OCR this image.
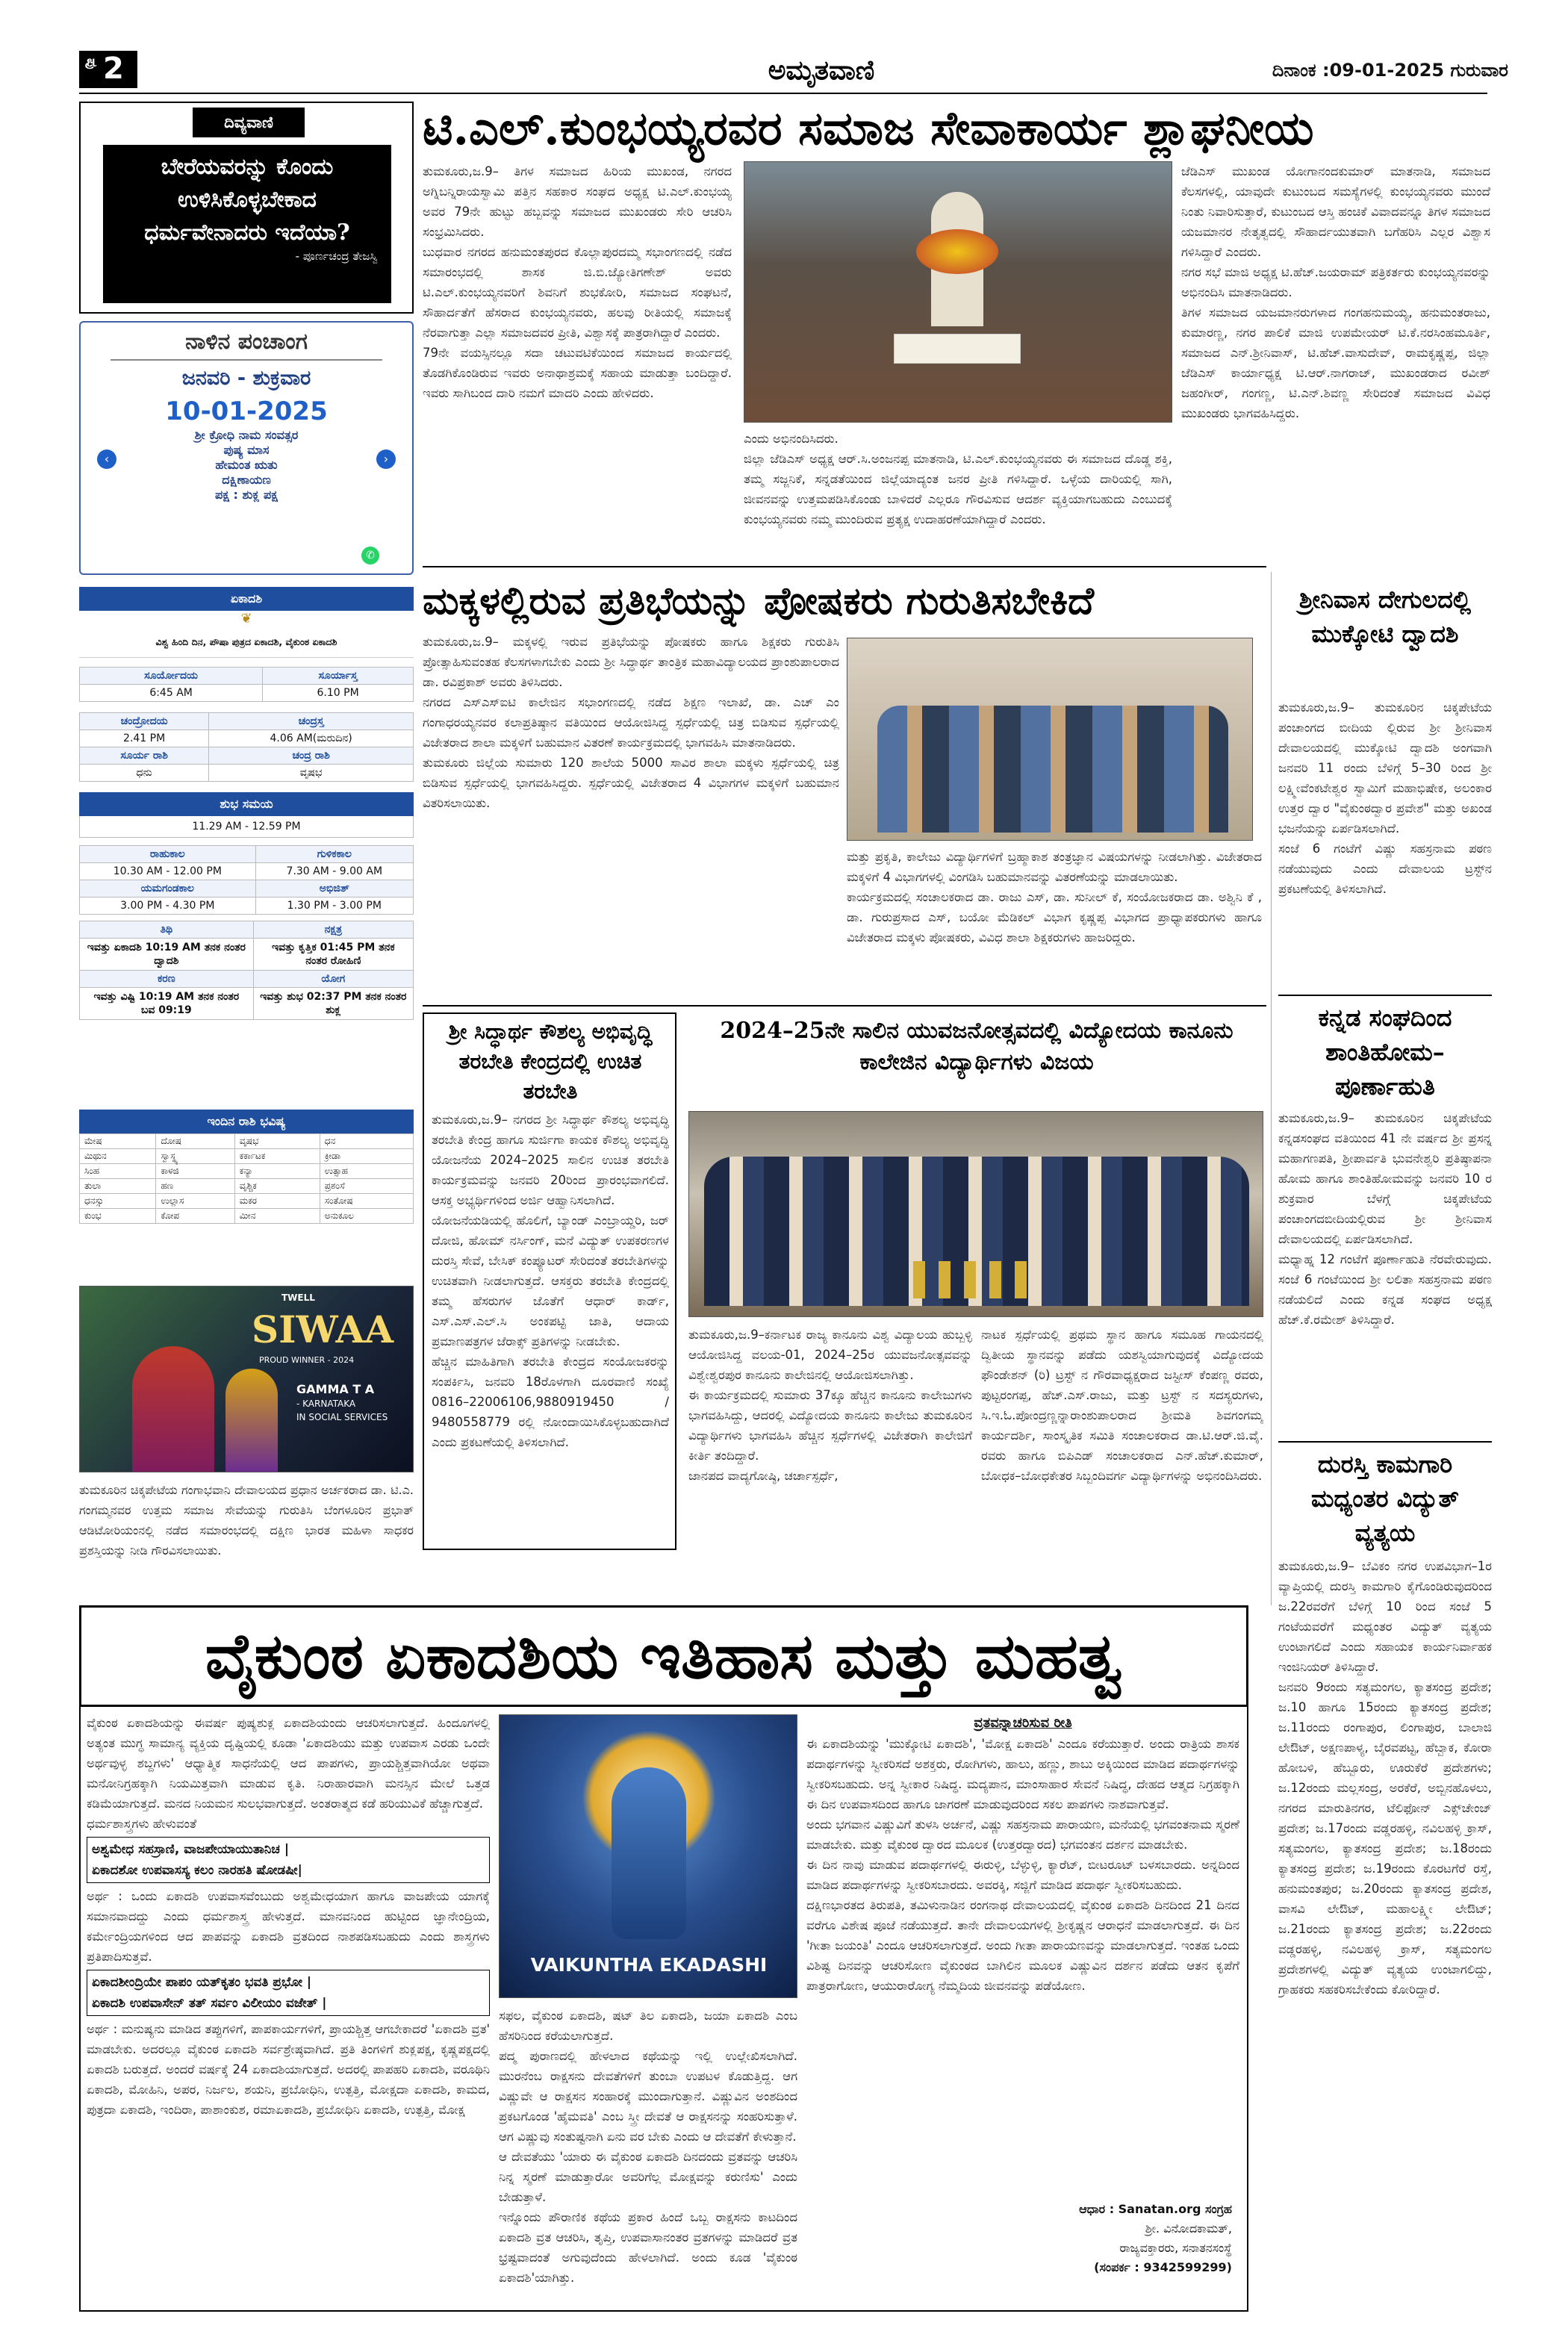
ಪು 2	ಅಮೃತವಾಣಿ	ದಿನಾಂಕ :09-01-2025 ಗುರುವಾರ
ದಿವ್ಯವಾಣಿ
ಬೇರೆಯವರನ್ನು ಕೊಂದು ಉಳಿಸಿಕೊಳ್ಳಬೇಕಾದ ಧರ್ಮವೇನಾದರು ಇದೆಯಾ?
- ಪೂರ್ಣಚಂದ್ರ ತೇಜಸ್ವಿ
ನಾಳಿನ ಪಂಚಾಂಗ
ಜನವರಿ - ಶುಕ್ರವಾರ
10-01-2025
‹	›
ಶ್ರೀ ಕ್ರೋಧಿ ನಾಮ ಸಂವತ್ಸರ
ಪುಷ್ಯ ಮಾಸ
ಹೇಮಂತ ಋತು
ದಕ್ಷಿಣಾಯಣ
ಪಕ್ಷ : ಶುಕ್ಲ ಪಕ್ಷ
✆
ಏಕಾದಶಿ
❦
ವಿಶ್ವ ಹಿಂದಿ ದಿನ, ಪೌಷಾ ಪುತ್ರದ ಏಕಾದಶಿ, ವೈಕುಂಠ ಏಕಾದಶಿ
ಸೂರ್ಯೋದಯ	ಸೂರ್ಯಾಸ್ತ
6:45 AM	6.10 PM
ಚಂದ್ರೋದಯ	ಚಂದ್ರಸ್ತ
2.41 PM	4.06 AM(ಮರುದಿನ)
ಸೂರ್ಯ ರಾಶಿ	ಚಂದ್ರ ರಾಶಿ
ಧನು	ವೃಷಭ
ಶುಭ ಸಮಯ
11.29 AM - 12.59 PM
ರಾಹುಕಾಲ	ಗುಳಿಕಕಾಲ
10.30 AM - 12.00 PM	7.30 AM - 9.00 AM
ಯಮಗಂಡಕಾಲ	ಅಭಿಜಿತ್
3.00 PM - 4.30 PM	1.30 PM - 3.00 PM
ತಿಥಿ	ನಕ್ಷತ್ರ
ಇವತ್ತು ಏಕಾದಶಿ 10:19 AM ತನಕ ನಂತರ ದ್ವಾದಶಿ	ಇವತ್ತು ಕೃತ್ತಿಕ 01:45 PM ತನಕ ನಂತರ ರೋಹಿಣಿ
ಕರಣ	ಯೋಗ
ಇವತ್ತು ವಿಷ್ಟಿ 10:19 AM ತನಕ ನಂತರ ಬವ 09:19	ಇವತ್ತು ಶುಭ 02:37 PM ತನಕ ನಂತರ ಶುಕ್ಲ
ಇಂದಿನ ರಾಶಿ ಭವಿಷ್ಯ
ಮೇಷ	ದೋಷ	ವೃಷಭ	ಧನ
ಮಿಥುನ	ಸ್ವಾಸ್ಥ್ಯ	ಕರ್ಕಾಟಕ	ಕ್ರೀಡಾ
ಸಿಂಹ	ಕಾಳಜಿ	ಕನ್ಯಾ	ಉತ್ಸಾಹ
ತುಲಾ	ಹಣ	ವೃಶ್ಚಿಕ	ಪ್ರಶಂಸೆ
ಧನಸ್ಸು	ಉಲ್ಲಾಸ	ಮಕರ	ಸಂತೋಷ
ಕುಂಭ	ಕೋಪ	ಮೀನ	ಅನುಕೂಲ
TWELL
SIWAA
PROUD WINNER - 2024
GAMMA T A
- KARNATAKA
IN SOCIAL SERVICES
ತುಮಕೂರಿನ ಚಿಕ್ಕಪೇಟೆಯ ಗಂಗಾಭವಾನಿ ದೇವಾಲಯದ ಪ್ರಧಾನ ಅರ್ಚಕರಾದ ಡಾ. ಟಿ.ಎ. ಗಂಗಮ್ಮನವರ ಉತ್ತಮ ಸಮಾಜ ಸೇವೆಯನ್ನು ಗುರುತಿಸಿ ಬೆಂಗಳೂರಿನ ಪ್ರಭಾತ್ ಆಡಿಟೋರಿಯಂನಲ್ಲಿ ನಡೆದ ಸಮಾರಂಭದಲ್ಲಿ ದಕ್ಷಿಣ ಭಾರತ ಮಹಿಳಾ ಸಾಧಕರ ಪ್ರಶಸ್ತಿಯನ್ನು ನೀಡಿ ಗೌರವಿಸಲಾಯಿತು.
ಟಿ.ಎಲ್.ಕುಂಭಯ್ಯರವರ ಸಮಾಜ ಸೇವಾಕಾರ್ಯ ಶ್ಲಾಘನೀಯ
ತುಮಕೂರು,ಜ.9– ತಿಗಳ ಸಮಾಜದ ಹಿರಿಯ ಮುಖಂಡ, ನಗರದ ಅಗ್ನಿಬನ್ನಿರಾಯಸ್ವಾಮಿ ಪತ್ತಿನ ಸಹಕಾರ ಸಂಘದ ಅಧ್ಯಕ್ಷ ಟಿ.ಎಲ್.ಕುಂಭಯ್ಯ ಅವರ 79ನೇ ಹುಟ್ಟು ಹಬ್ಬವನ್ನು ಸಮಾಜದ ಮುಖಂಡರು ಸೇರಿ ಆಚರಿಸಿ ಸಂಭ್ರಮಿಸಿದರು.
ಬುಧವಾರ ನಗರದ ಹನುಮಂತಪುರದ ಕೊಲ್ಲಾಪುರದಮ್ಮ ಸಭಾಂಗಣದಲ್ಲಿ ನಡೆದ ಸಮಾರಂಭದಲ್ಲಿ ಶಾಸಕ ಜಿ.ಬಿ.ಜ್ಯೋತಿಗಣೇಶ್ ಅವರು ಟಿ.ಎಲ್.ಕುಂಭಯ್ಯನವರಿಗೆ ಶಿವನಿಗೆ ಶುಭಕೋರಿ, ಸಮಾಜದ ಸಂಘಟನೆ, ಸೌಹಾರ್ದತೆಗೆ ಹೆಸರಾದ ಕುಂಭಯ್ಯನವರು, ಹಲವು ರೀತಿಯಲ್ಲಿ ಸಮಾಜಕ್ಕೆ ನೆರವಾಗುತ್ತಾ ಎಲ್ಲಾ ಸಮಾಜದವರ ಪ್ರೀತಿ, ವಿಶ್ವಾಸಕ್ಕೆ ಪಾತ್ರರಾಗಿದ್ದಾರೆ ಎಂದರು.
79ನೇ ವಯಸ್ಸಿನಲ್ಲೂ ಸದಾ ಚಟುವಟಿಕೆಯಿಂದ ಸಮಾಜದ ಕಾರ್ಯದಲ್ಲಿ ತೊಡಗಿಕೊಂಡಿರುವ ಇವರು ಅನಾಥಾಶ್ರಮಕ್ಕೆ ಸಹಾಯ ಮಾಡುತ್ತಾ ಬಂದಿದ್ದಾರೆ. ಇವರು ಸಾಗಿಬಂದ ದಾರಿ ನಮಗೆ ಮಾದರಿ ಎಂದು ಹೇಳಿದರು.
ಎಂದು ಅಭಿನಂದಿಸಿದರು.
ಜಿಲ್ಲಾ ಜೆಡಿಎಸ್ ಅಧ್ಯಕ್ಷ ಆರ್.ಸಿ.ಅಂಜನಪ್ಪ ಮಾತನಾಡಿ, ಟಿ.ಎಲ್.ಕುಂಭಯ್ಯನವರು ಈ ಸಮಾಜದ ದೊಡ್ಡ ಶಕ್ತಿ, ತಮ್ಮ ಸಜ್ಜನಿಕೆ, ಸನ್ನಡತೆಯಿಂದ ಜಿಲ್ಲೆಯಾದ್ಯಂತ ಜನರ ಪ್ರೀತಿ ಗಳಿಸಿದ್ದಾರೆ. ಒಳ್ಳೆಯ ದಾರಿಯಲ್ಲಿ ಸಾಗಿ, ಜೀವನವನ್ನು ಉತ್ತಮಪಡಿಸಿಕೊಂಡು ಬಾಳಿದರೆ ಎಲ್ಲರೂ ಗೌರವಿಸುವ ಆದರ್ಶ ವ್ಯಕ್ತಿಯಾಗಬಹುದು ಎಂಬುದಕ್ಕೆ ಕುಂಭಯ್ಯನವರು ನಮ್ಮ ಮುಂದಿರುವ ಪ್ರತ್ಯಕ್ಷ ಉದಾಹರಣೆಯಾಗಿದ್ದಾರೆ ಎಂದರು.
ಜೆಡಿಎಸ್ ಮುಖಂಡ ಯೋಗಾನಂದಕುಮಾರ್ ಮಾತನಾಡಿ, ಸಮಾಜದ ಕೆಲಸಗಳಲ್ಲಿ, ಯಾವುದೇ ಕುಟುಂಬದ ಸಮಸ್ಯೆಗಳಲ್ಲಿ ಕುಂಭಯ್ಯನವರು ಮುಂದೆ ನಿಂತು ನಿವಾರಿಸುತ್ತಾರೆ, ಕುಟುಂಬದ ಆಸ್ತಿ ಹಂಚಿಕೆ ವಿವಾದವನ್ನೂ ತಿಗಳ ಸಮಾಜದ ಯಜಮಾನರ ನೇತೃತ್ವದಲ್ಲಿ ಸೌಹಾರ್ದಯುತವಾಗಿ ಬಗೆಹರಿಸಿ ಎಲ್ಲರ ವಿಶ್ವಾಸ ಗಳಿಸಿದ್ದಾರೆ ಎಂದರು.
ನಗರ ಸಭೆ ಮಾಜಿ ಅಧ್ಯಕ್ಷ ಟಿ.ಹೆಚ್.ಜಯರಾಮ್ ಪತ್ರಿಕರ್ತರು ಕುಂಭಯ್ಯನವರನ್ನು ಅಭಿನಂದಿಸಿ ಮಾತನಾಡಿದರು.
ತಿಗಳ ಸಮಾಜದ ಯಜಮಾನರುಗಳಾದ ಗಂಗಹನುಮಯ್ಯ, ಹನುಮಂತರಾಜು, ಕುಮಾರಣ್ಣ, ನಗರ ಪಾಲಿಕೆ ಮಾಜಿ ಉಪಮೇಯರ್ ಟಿ.ಕೆ.ನರಸಿಂಹಮೂರ್ತಿ, ಸಮಾಜದ ಎನ್.ಶ್ರೀನಿವಾಸ್, ಟಿ.ಹೆಚ್.ವಾಸುದೇವ್, ರಾಮಕೃಷ್ಣಪ್ಪ, ಜಿಲ್ಲಾ ಜೆಡಿಎಸ್ ಕಾರ್ಯಾಧ್ಯಕ್ಷ ಟಿ.ಆರ್.ನಾಗರಾಜ್, ಮುಖಂಡರಾದ ರವೀಶ್ ಜಹಂಗೀರ್, ಗಂಗಣ್ಣ, ಟಿ.ಎನ್.ಶಿವಣ್ಣ ಸೇರಿದಂತೆ ಸಮಾಜದ ವಿವಿಧ ಮುಖಂಡರು ಭಾಗವಹಿಸಿದ್ದರು.
ಮಕ್ಕಳಲ್ಲಿರುವ ಪ್ರತಿಭೆಯನ್ನು ಪೋಷಕರು ಗುರುತಿಸಬೇಕಿದೆ
ತುಮಕೂರು,ಜ.9– ಮಕ್ಕಳಲ್ಲಿ ಇರುವ ಪ್ರತಿಭೆಯನ್ನು ಪೋಷಕರು ಹಾಗೂ ಶಿಕ್ಷಕರು ಗುರುತಿಸಿ ಪ್ರೋತ್ಸಾಹಿಸುವಂತಹ ಕೆಲಸಗಳಾಗಬೇಕು ಎಂದು ಶ್ರೀ ಸಿದ್ಧಾರ್ಥ ತಾಂತ್ರಿಕ ಮಹಾವಿದ್ಯಾಲಯದ ಪ್ರಾಂಶುಪಾಲರಾದ ಡಾ. ರವಿಪ್ರಕಾಶ್ ಅವರು ತಿಳಿಸಿದರು.
ನಗರದ ಎಸ್‍ಎಸ್‍ಐಟಿ ಕಾಲೇಜಿನ ಸಭಾಂಗಣದಲ್ಲಿ ನಡೆದ ಶಿಕ್ಷಣ ಇಲಾಖೆ, ಡಾ. ಎಚ್ ಎಂ ಗಂಗಾಧರಯ್ಯನವರ ಕಲಾಪ್ರತಿಷ್ಠಾನ ವತಿಯಿಂದ ಆಯೋಜಿಸಿದ್ದ ಸ್ಪರ್ಧೆಯಲ್ಲಿ ಚಿತ್ರ ಬಿಡಿಸುವ ಸ್ಪರ್ಧೆಯಲ್ಲಿ ವಿಜೇತರಾದ ಶಾಲಾ ಮಕ್ಕಳಿಗೆ ಬಹುಮಾನ ವಿತರಣೆ ಕಾರ್ಯಕ್ರಮದಲ್ಲಿ ಭಾಗವಹಿಸಿ ಮಾತನಾಡಿದರು.
ತುಮಕೂರು ಜಿಲ್ಲೆಯ ಸುಮಾರು 120 ಶಾಲೆಯ 5000 ಸಾವಿರ ಶಾಲಾ ಮಕ್ಕಳು ಸ್ಪರ್ಧೆಯಲ್ಲಿ ಚಿತ್ರ ಬಿಡಿಸುವ ಸ್ಪರ್ಧೆಯಲ್ಲಿ ಭಾಗವಹಿಸಿದ್ದರು. ಸ್ಪರ್ಧೆಯಲ್ಲಿ ವಿಜೇತರಾದ 4 ವಿಭಾಗಗಳ ಮಕ್ಕಳಿಗೆ ಬಹುಮಾನ ವಿತರಿಸಲಾಯಿತು.
ಮತ್ತು ಪ್ರಕೃತಿ, ಕಾಲೇಜು ವಿದ್ಯಾರ್ಥಿಗಳಿಗೆ ಬ್ರಹ್ಮಾಕಾಶ ತಂತ್ರಜ್ಞಾನ ವಿಷಯಗಳನ್ನು ನೀಡಲಾಗಿತ್ತು. ವಿಜೇತರಾದ ಮಕ್ಕಳಿಗೆ 4 ವಿಭಾಗಗಳಲ್ಲಿ ವಿಂಗಡಿಸಿ ಬಹುಮಾನವನ್ನು ವಿತರಣೆಯನ್ನು ಮಾಡಲಾಯಿತು.
ಕಾರ್ಯಕ್ರಮದಲ್ಲಿ ಸಂಚಾಲಕರಾದ ಡಾ. ರಾಜು ಎಸ್, ಡಾ. ಸುನೀಲ್ ಕೆ, ಸಂಯೋಜಕರಾದ ಡಾ. ಅಶ್ವಿನಿ ಕೆ , ಡಾ. ಗುರುಪ್ರಸಾದ ಎಸ್, ಬಯೋ ಮೆಡಿಕಲ್ ವಿಭಾಗ ಕೃಷ್ಣಪ್ಪ ವಿಭಾಗದ ಪ್ರಾಧ್ಯಾಪಕರುಗಳು ಹಾಗೂ ವಿಜೇತರಾದ ಮಕ್ಕಳು ಪೋಷಕರು, ವಿವಿಧ ಶಾಲಾ ಶಿಕ್ಷಕರುಗಳು ಹಾಜರಿದ್ದರು.
ಶ್ರೀ ಸಿದ್ಧಾರ್ಥ ಕೌಶಲ್ಯ ಅಭಿವೃದ್ಧಿ ತರಬೇತಿ ಕೇಂದ್ರದಲ್ಲಿ ಉಚಿತ ತರಬೇತಿ
ತುಮಕೂರು,ಜ.9– ನಗರದ ಶ್ರೀ ಸಿದ್ಧಾರ್ಥ ಕೌಶಲ್ಯ ಅಭಿವೃದ್ಧಿ ತರಬೇತಿ ಕೇಂದ್ರ ಹಾಗೂ ಸುರ್ಜಿಗಾ ಕಾಯಕ ಕೌಶಲ್ಯ ಅಭಿವೃದ್ಧಿ ಯೋಜನೆಯ 2024–2025 ಸಾಲಿನ ಉಚಿತ ತರಬೇತಿ ಕಾರ್ಯಕ್ರಮವನ್ನು ಜನವರಿ 20ರಿಂದ ಪ್ರಾರಂಭವಾಗಲಿದೆ. ಆಸಕ್ತ ಅಭ್ಯರ್ಥಿಗಳಿಂದ ಅರ್ಜಿ ಆಹ್ವಾನಿಸಲಾಗಿದೆ.
ಯೋಜನೆಯಡಿಯಲ್ಲಿ ಹೊಲಿಗೆ, ಬ್ಯಾಂಡ್ ಎಂಬ್ರಾಯ್ಡರಿ, ಜರ್ ದೋಜಿ, ಹೋಮ್ ನರ್ಸಿಂಗ್, ಮನೆ ವಿದ್ಯುತ್ ಉಪಕರಣಗಳ ದುರಸ್ತಿ ಸೇವೆ, ಬೇಸಿಕ್ ಕಂಪ್ಯೂಟರ್ ಸೇರಿದಂತೆ ತರಬೇತಿಗಳನ್ನು ಉಚಿತವಾಗಿ ನೀಡಲಾಗುತ್ತದೆ. ಆಸಕ್ತರು ತರಬೇತಿ ಕೇಂದ್ರದಲ್ಲಿ ತಮ್ಮ ಹೆಸರುಗಳ ಜೊತೆಗೆ ಆಧಾರ್ ಕಾರ್ಡ್, ಎಸ್.ಎಸ್.ಎಲ್.ಸಿ ಅಂಕಪಟ್ಟಿ ಜಾತಿ, ಆದಾಯ ಪ್ರಮಾಣಪತ್ರಗಳ ಜೆರಾಕ್ಸ್ ಪ್ರತಿಗಳನ್ನು ನೀಡಬೇಕು.
ಹೆಚ್ಚಿನ ಮಾಹಿತಿಗಾಗಿ ತರಬೇತಿ ಕೇಂದ್ರದ ಸಂಯೋಜಕರನ್ನು ಸಂಪರ್ಕಿಸಿ, ಜನವರಿ 18ರೊಳಗಾಗಿ ದೂರವಾಣಿ ಸಂಖ್ಯೆ 0816–22006106,9880919450 / 9480558779 ರಲ್ಲಿ ನೋಂದಾಯಿಸಿಕೊಳ್ಳಬಹುದಾಗಿದೆ ಎಂದು ಪ್ರಕಟಣೆಯಲ್ಲಿ ತಿಳಿಸಲಾಗಿದೆ.
2024–25ನೇ ಸಾಲಿನ ಯುವಜನೋತ್ಸವದಲ್ಲಿ ವಿದ್ಯೋದಯ ಕಾನೂನು ಕಾಲೇಜಿನ ವಿದ್ಯಾರ್ಥಿಗಳು ವಿಜಯ
ತುಮಕೂರು,ಜ.9–ಕರ್ನಾಟಕ ರಾಜ್ಯ ಕಾನೂನು ವಿಶ್ವ ವಿದ್ಯಾಲಯ ಹುಬ್ಬಳ್ಳಿ ಆಯೋಜಿಸಿದ್ದ ವಲಯ-01, 2024–25ರ ಯುವಜನೋತ್ಸವವನ್ನು ವಿಶ್ವೇಶ್ವರಪುರ ಕಾನೂನು ಕಾಲೇಜಿನಲ್ಲಿ ಆಯೋಜಿಸಲಾಗಿತ್ತು.
ಈ ಕಾರ್ಯಕ್ರಮದಲ್ಲಿ ಸುಮಾರು 37ಕ್ಕೂ ಹೆಚ್ಚಿನ ಕಾನೂನು ಕಾಲೇಜುಗಳು ಭಾಗವಹಿಸಿದ್ದು, ಆದರಲ್ಲಿ ವಿದ್ಯೋದಯ ಕಾನೂನು ಕಾಲೇಜು ತುಮಕೂರಿನ ವಿದ್ಯಾರ್ಥಿಗಳು ಭಾಗವಹಿಸಿ ಹೆಚ್ಚಿನ ಸ್ಪರ್ಧೆಗಳಲ್ಲಿ ವಿಜೇತರಾಗಿ ಕಾಲೇಜಿಗೆ ಕೀರ್ತಿ ತಂದಿದ್ದಾರೆ.
ಜಾನಪದ ವಾದ್ಯಗೋಷ್ಠಿ, ಚರ್ಚಾಸ್ಪರ್ಧೆ,
ನಾಟಕ ಸ್ಪರ್ಧೆಯಲ್ಲಿ ಪ್ರಥಮ ಸ್ಥಾನ ಹಾಗೂ ಸಮೂಹ ಗಾಯನದಲ್ಲಿ ದ್ವಿತೀಯ ಸ್ಥಾನವನ್ನು ಪಡೆದು ಯಶಸ್ವಿಯಾಗುವುದಕ್ಕೆ ವಿದ್ಯೋದಯ ಫೌಂಡೇಶನ್ (ರಿ) ಟ್ರಸ್ಟ್ ನ ಗೌರವಾಧ್ಯಕ್ಷರಾದ ಜಸ್ಟೀಸ್ ಕೆಂಪಣ್ಣ ರವರು, ಪುಟ್ಟರಂಗಪ್ಪ, ಹೆಚ್.ಎಸ್.ರಾಜು, ಮತ್ತು ಟ್ರಸ್ಟ್ ನ ಸದಸ್ಯರುಗಳು, ಸಿ.ಇ.ಓ.ಪೋಂದ್ರಣ್ಣನ್ನಾರಾಂಶುಪಾಲರಾದ ಶ್ರೀಮತಿ ಶಿವಗಂಗಮ್ಮ ಕಾರ್ಯದರ್ಶಿ, ಸಾಂಸ್ಕೃತಿಕ ಸಮಿತಿ ಸಂಚಾಲಕರಾದ ಡಾ.ಟಿ.ಆರ್.ಜಿ.ವೈ. ರವರು ಹಾಗೂ ಬಿಪಿಎಡ್ ಸಂಚಾಲಕರಾದ ಎನ್.ಹೆಚ್.ಕುಮಾರ್, ಬೋಧಕ–ಬೋಧಕೇತರ ಸಿಬ್ಬಂದಿವರ್ಗ ವಿದ್ಯಾರ್ಥಿಗಳನ್ನು ಅಭಿನಂದಿಸಿದರು.
ಶ್ರೀನಿವಾಸ ದೇಗುಲದಲ್ಲಿ ಮುಕ್ಕೋಟಿ ದ್ವಾದಶಿ
ತುಮಕೂರು,ಜ.9– ತುಮಕೂರಿನ ಚಿಕ್ಕಪೇಟೆಯ ಪಂಚಾಂಗದ ಬೀದಿಯ ಲ್ಲಿರುವ ಶ್ರೀ ಶ್ರೀನಿವಾಸ ದೇವಾಲಯದಲ್ಲಿ ಮುಕ್ಕೋಟಿ ದ್ವಾದಶಿ ಅಂಗವಾಗಿ ಜನವರಿ 11 ರಂದು ಬೆಳಿಗ್ಗೆ 5–30 ರಿಂದ ಶ್ರೀ ಲಕ್ಷ್ಮೀವೆಂಕಟೇಶ್ವರ ಸ್ವಾಮಿಗೆ ಮಹಾಭಿಷೇಕ, ಅಲಂಕಾರ ಉತ್ತರ ದ್ವಾರ "ವೈಕುಂಠದ್ವಾರ ಪ್ರವೇಶ" ಮತ್ತು ಅಖಂಡ ಭಜನೆಯನ್ನು ಏರ್ಪಡಿಸಲಾಗಿದೆ.
ಸಂಜೆ 6 ಗಂಟೆಗೆ ವಿಷ್ಣು ಸಹಸ್ರನಾಮ ಪಠಣ ನಡೆಯುವುದು ಎಂದು ದೇವಾಲಯ ಟ್ರಸ್ಟ್‌ನ ಪ್ರಕಟಣೆಯಲ್ಲಿ ತಿಳಿಸಲಾಗಿದೆ.
ಕನ್ನಡ ಸಂಘದಿಂದ ಶಾಂತಿಹೋಮ– ಪೂರ್ಣಾಹುತಿ
ತುಮಕೂರು,ಜ.9– ತುಮಕೂರಿನ ಚಿಕ್ಕಪೇಟೆಯ ಕನ್ನಡಸಂಘದ ವತಿಯಿಂದ 41 ನೇ ವರ್ಷದ ಶ್ರೀ ಪ್ರಸನ್ನ ಮಹಾಗಣಪತಿ, ಶ್ರೀಪಾರ್ವತಿ ಭುವನೇಶ್ವರಿ ಪ್ರತಿಷ್ಠಾಪನಾ ಹೋಮ ಹಾಗೂ ಶಾಂತಿಹೋಮವನ್ನು ಜನವರಿ 10 ರ ಶುಕ್ರವಾರ ಬೆಳಗ್ಗೆ ಚಿಕ್ಕಪೇಟೆಯ ಪಂಚಾಂಗದಬೀದಿಯಲ್ಲಿರುವ ಶ್ರೀ ಶ್ರೀನಿವಾಸ ದೇವಾಲಯದಲ್ಲಿ ಏರ್ಪಡಿಸಲಾಗಿದೆ.
ಮಧ್ಯಾಹ್ನ 12 ಗಂಟೆಗೆ ಪೂರ್ಣಾಹುತಿ ನೆರವೇರುವುದು. ಸಂಜೆ 6 ಗಂಟೆಯಿಂದ ಶ್ರೀ ಲಲಿತಾ ಸಹಸ್ರನಾಮ ಪಠಣ ನಡೆಯಲಿದೆ ಎಂದು ಕನ್ನಡ ಸಂಘದ ಅಧ್ಯಕ್ಷ ಹೆಚ್.ಕೆ.ರಮೇಶ್ ತಿಳಿಸಿದ್ದಾರೆ.
ದುರಸ್ತಿ ಕಾಮಗಾರಿ ಮಧ್ಯಂತರ ವಿದ್ಯುತ್ ವ್ಯತ್ಯಯ
ತುಮಕೂರು,ಜ.9– ಬೆವಿಕಂ ನಗರ ಉಪವಿಭಾಗ–1ರ ವ್ಯಾಪ್ತಿಯಲ್ಲಿ ದುರಸ್ತಿ ಕಾಮಗಾರಿ ಕೈಗೊಂಡಿರುವುದರಿಂದ ಜ.22ರವರೆಗೆ ಬೆಳಿಗ್ಗೆ 10 ರಿಂದ ಸಂಜೆ 5 ಗಂಟೆಯವರೆಗೆ ಮಧ್ಯಂತರ ವಿದ್ಯುತ್ ವ್ಯತ್ಯಯ ಉಂಟಾಗಲಿದೆ ಎಂದು ಸಹಾಯಕ ಕಾರ್ಯನಿರ್ವಾಹಕ ಇಂಜಿನಿಯರ್ ತಿಳಿಸಿದ್ದಾರೆ.
ಜನವರಿ 9ರಂದು ಸತ್ಯಮಂಗಲ, ಕ್ಯಾತಸಂದ್ರ ಪ್ರದೇಶ; ಜ.10 ಹಾಗೂ 15ರಂದು ಕ್ಯಾತಸಂದ್ರ ಪ್ರದೇಶ; ಜ.11ರಂದು ರಂಗಾಪುರ, ಲಿಂಗಾಪುರ, ಬಾಲಾಜಿ ಲೇಔಟ್, ಅಕ್ಷಣಪಾಳ್ಯ, ಬೈರವಪಟ್ಟ, ಹೆಬ್ಬಾಕ, ಕೋರಾ ಹೋಬಳಿ, ಹೆಬ್ಬೂರು, ಊರುಕೆರೆ ಪ್ರದೇಶಗಳು; ಜ.12ರಂದು ಮಲ್ಲಸಂದ್ರ, ಅರಕೆರೆ, ಅಬ್ಬಿನಹೊಳಲು, ನಗರದ ಮಾರುತಿನಗರ, ಟೆಲಿಫೋನ್ ಎಕ್ಸ್‌ಚೇಂಜ್ ಪ್ರದೇಶ; ಜ.17ರಂದು ವಡ್ಡರಹಳ್ಳಿ, ನವಿಲಹಳ್ಳಿ ಕ್ರಾಸ್, ಸತ್ಯಮಂಗಲ, ಕ್ಯಾತಸಂದ್ರ ಪ್ರದೇಶ; ಜ.18ರಂದು ಕ್ಯಾತಸಂದ್ರ ಪ್ರದೇಶ; ಜ.19ರಂದು ಕೊರಟಗೆರೆ ರಸ್ತೆ, ಹನುಮಂತಪುರ; ಜ.20ರಂದು ಕ್ಯಾತಸಂದ್ರ ಪ್ರದೇಶ, ವಾಸವಿ ಲೇಔಟ್, ಮಹಾಲಕ್ಷ್ಮೀ ಲೇಔಟ್; ಜ.21ರಂದು ಕ್ಯಾತಸಂದ್ರ ಪ್ರದೇಶ; ಜ.22ರಂದು ವಡ್ಡರಹಳ್ಳಿ, ನವಿಲಹಳ್ಳಿ ಕ್ರಾಸ್, ಸತ್ಯಮಂಗಲ ಪ್ರದೇಶಗಳಲ್ಲಿ ವಿದ್ಯುತ್ ವ್ಯತ್ಯಯ ಉಂಟಾಗಲಿದ್ದು, ಗ್ರಾಹಕರು ಸಹಕರಿಸಬೇಕೆಂದು ಕೋರಿದ್ದಾರೆ.
ವೈಕುಂಠ ಏಕಾದಶಿಯ ಇತಿಹಾಸ ಮತ್ತು ಮಹತ್ವ
ವೈಕುಂಠ ಏಕಾದಶಿಯನ್ನು ಈವರ್ಷ ಪುಷ್ಯಶುಕ್ಲ ಏಕಾದಶಿಯಂದು ಆಚರಿಸಲಾಗುತ್ತದೆ. ಹಿಂದೂಗಳಲ್ಲಿ ಅತ್ಯಂತ ಮುಗ್ಧ ಸಾಮಾನ್ಯ ವ್ಯಕ್ತಿಯ ದೃಷ್ಟಿಯಲ್ಲಿ ಕೂಡಾ 'ಏಕಾದಶಿಯು ಮತ್ತು ಉಪವಾಸ ಎರಡು ಒಂದೇ ಅರ್ಥವುಳ್ಳ ಶಬ್ದಗಳು' ಆಧ್ಯಾತ್ಮಿಕ ಸಾಧನೆಯಲ್ಲಿ ಆದ ಪಾಪಗಳು, ಪ್ರಾಯಶ್ಚಿತ್ತವಾಗಿಯೋ ಅಥವಾ ಮನೋನಿಗ್ರಹಕ್ಕಾಗಿ ನಿಯಮಿತ್ತವಾಗಿ ಮಾಡುವ ಕೃತಿ. ನಿರಾಹಾರವಾಗಿ ಮನಸ್ಸಿನ ಮೇಲೆ ಒತ್ತಡ ಕಡಿಮೆಯಾಗುತ್ತದೆ. ಮನದ ನಿಯಮನ ಸುಲಭವಾಗುತ್ತದೆ. ಅಂತರಾತ್ಮದ ಕಡೆ ಹರಿಯುವಿಕೆ ಹೆಚ್ಚಾಗುತ್ತದೆ.
ಧರ್ಮಶಾಸ್ತ್ರಗಳು ಹೇಳುವಂತೆ
ಅಶ್ವಮೇಧ ಸಹಸ್ರಾಣಿ, ವಾಜಪೇಯಾಯುತಾನಿಚ |
ಏಕಾದಶೋ ಉಪವಾಸಸ್ಯ ಕಲಂ ನಾರಹತಿ ಷೋಡಷೀ|
ಅರ್ಥ : ಒಂದು ಏಕಾದಶಿ ಉಪವಾಸವೆಂಬುದು ಅಶ್ವಮೇಧಯಾಗ ಹಾಗೂ ವಾಜಪೇಯ ಯಾಗಕ್ಕೆ ಸಮಾನವಾದದ್ದು ಎಂದು ಧರ್ಮಶಾಸ್ತ್ರ ಹೇಳುತ್ತದೆ. ಮಾನವನಿಂದ ಹುಟ್ಟಿಂದ ಜ್ಞಾನೇಂದ್ರಿಯ, ಕರ್ಮೇಂದ್ರಿಯಗಳಿಂದ ಆದ ಪಾಪವನ್ನು ಏಕಾದಶಿ ವ್ರತದಿಂದ ನಾಶಪಡಿಸಬಹುದು ಎಂದು ಶಾಸ್ತ್ರಗಳು ಪ್ರತಿಪಾದಿಸುತ್ತವೆ.
ಏಕಾದಶೀಂದ್ರಿಯೇ ಪಾಪಂ ಯತ್‌ಕೃತಂ ಭವತಿ ಪ್ರಭೋ |
ಏಕಾದಶಿ ಉಪವಾಸೇನ್ ತತ್ ಸರ್ವಂ ವಿಲೀಯಂ ವಜೇತ್ |
ಅರ್ಥ : ಮನುಷ್ಯನು ಮಾಡಿದ ತಪ್ಪುಗಳಿಗೆ, ಪಾಪಕಾರ್ಯಗಳಿಗೆ, ಪ್ರಾಯಶ್ಚಿತ್ತ ಆಗಬೇಕಾದರೆ 'ಏಕಾದಶಿ ವ್ರತ' ಮಾಡಬೇಕು. ಅದರಲ್ಲೂ ವೈಕುಂಠ ಏಕಾದಶಿ ಸರ್ವಶ್ರೇಷ್ಠವಾಗಿದೆ. ಪ್ರತಿ ತಿಂಗಳಿಗೆ ಶುಕ್ಲಪಕ್ಷ, ಕೃಷ್ಣಪಕ್ಷದಲ್ಲಿ ಏಕಾದಶಿ ಬರುತ್ತದೆ. ಅಂದರೆ ವರ್ಷಕ್ಕೆ 24 ಏಕಾದಶಿಯಾಗುತ್ತದೆ. ಅದರಲ್ಲಿ ಪಾಪಹರಿ ಏಕಾದಶಿ, ವರೂಥಿನಿ ಏಕಾದಶಿ, ಮೋಹಿನಿ, ಅಪರ, ನಿರ್ಜಲ, ಶಯನಿ, ಪ್ರಬೋಧಿನಿ, ಉತ್ಪತ್ತಿ, ಮೋಕ್ಷದಾ ಏಕಾದಶಿ, ಕಾಮದ, ಪುತ್ರದಾ ಏಕಾದಶಿ, ಇಂದಿರಾ, ಪಾಶಾಂಕುಶ, ರಮಾಏಕಾದಶಿ, ಪ್ರಬೋಧಿನಿ ಏಕಾದಶಿ, ಉತ್ಪತ್ತಿ, ಮೋಕ್ಷ
VAIKUNTHA EKADASHI
ಸಫಲ, ವೈಕುಂಠ ಏಕಾದಶಿ, ಷಟ್ ತಿಲ ಏಕಾದಶಿ, ಜಯಾ ಏಕಾದಶಿ ಎಂಬ ಹೆಸರಿನಿಂದ ಕರೆಯಲಾಗುತ್ತದೆ.
ಪದ್ಮ ಪುರಾಣದಲ್ಲಿ ಹೇಳಲಾದ ಕಥೆಯನ್ನು ಇಲ್ಲಿ ಉಲ್ಲೇಖಿಸಲಾಗಿದೆ. ಮುರನೆಂಬ ರಾಕ್ಷಸನು ದೇವತೆಗಳಿಗೆ ತುಂಬಾ ಉಪಟಳ ಕೊಡುತ್ತಿದ್ದ. ಆಗ ವಿಷ್ಣುವೇ ಆ ರಾಕ್ಷಸನ ಸಂಹಾರಕ್ಕೆ ಮುಂದಾಗುತ್ತಾನೆ. ವಿಷ್ಣುವಿನ ಅಂಶದಿಂದ ಪ್ರಕಟಗೊಂಡ 'ಹೈಮವತಿ' ಎಂಬ ಸ್ತ್ರೀ ದೇವತೆ ಆ ರಾಕ್ಷಸನನ್ನು ಸಂಹರಿಸುತ್ತಾಳೆ. ಆಗ ವಿಷ್ಣುವು ಸಂತುಷ್ಟನಾಗಿ ಏನು ವರ ಬೇಕು ಎಂದು ಆ ದೇವತೆಗೆ ಕೇಳುತ್ತಾನೆ.
ಆ ದೇವತೆಯು 'ಯಾರು ಈ ವೈಕುಂಠ ಏಕಾದಶಿ ದಿನದಂದು ವ್ರತವನ್ನು ಆಚರಿಸಿ ನಿನ್ನ ಸ್ಮರಣೆ ಮಾಡುತ್ತಾರೋ ಅವರಿಗೆಲ್ಲ ಮೋಕ್ಷವನ್ನು ಕರುಣಿಸು' ಎಂದು ಬೇಡುತ್ತಾಳೆ.
ಇನ್ನೊಂದು ಪೌರಾಣಿಕ ಕಥೆಯ ಪ್ರಕಾರ ಹಿಂದೆ ಒಬ್ಬ ರಾಕ್ಷಸನು ಕಾಟದಿಂದ ಏಕಾದಶಿ ವ್ರತ ಆಚರಿಸಿ, ತೃಪ್ತಿ, ಉಪವಾಸಾನಂತರ ವ್ರತಗಳನ್ನು ಮಾಡಿದರೆ ವ್ರತ ಭ್ರಷ್ಟವಾದಂತೆ ಅಗುವುದೆಂದು ಹೇಳಲಾಗಿದೆ. ಅಂದು ಕೂಡ 'ವೈಕುಂಠ ಏಕಾದಶಿ'ಯಾಗಿತ್ತು.
ವ್ರತವನ್ನಾಚರಿಸುವ ರೀತಿ
ಈ ಏಕಾದಶಿಯನ್ನು 'ಮುಕ್ಕೋಟಿ ಏಕಾದಶಿ', 'ಮೋಕ್ಷ ಏಕಾದಶಿ' ಎಂದೂ ಕರೆಯುತ್ತಾರೆ. ಅಂದು ರಾತ್ರಿಯ ಶಾಸಕ ಪದಾರ್ಥಗಳನ್ನು ಸ್ವೀಕರಿಸದೆ ಅಶಕ್ತರು, ರೋಗಿಗಳು, ಹಾಲು, ಹಣ್ಣು, ಶಾಬು ಅಕ್ಕಿಯಿಂದ ಮಾಡಿದ ಪದಾರ್ಥಗಳನ್ನು ಸ್ವೀಕರಿಸಬಹುದು. ಅನ್ನ ಸ್ವೀಕಾರ ನಿಷಿದ್ಧ. ಮದ್ಯಪಾನ, ಮಾಂಸಾಹಾರ ಸೇವನೆ ನಿಷಿದ್ಧ, ದೇಹದ ಆತ್ಮದ ನಿಗ್ರಹಕ್ಕಾಗಿ ಈ ದಿನ ಉಪವಾಸದಿಂದ ಹಾಗೂ ಜಾಗರಣೆ ಮಾಡುವುದರಿಂದ ಸಕಲ ಪಾಪಗಳು ನಾಶವಾಗುತ್ತವೆ.
ಅಂದು ಭಗವಾನ ವಿಷ್ಣುವಿಗೆ ತುಳಸಿ ಅರ್ಚನೆ, ವಿಷ್ಣು ಸಹಸ್ರನಾಮ ಪಾರಾಯಣ, ಮನೆಯಲ್ಲಿ ಭಗವಂತನಾಮ ಸ್ಮರಣೆ ಮಾಡಬೇಕು. ಮತ್ತು ವೈಕುಂಠ ದ್ವಾರದ ಮೂಲಕ (ಉತ್ತರದ್ವಾರದ) ಭಗವಂತನ ದರ್ಶನ ಮಾಡಬೇಕು.
ಈ ದಿನ ನಾವು ಮಾಡುವ ಪದಾರ್ಥಗಳಲ್ಲಿ ಈರುಳ್ಳಿ, ಬೆಳ್ಳುಳ್ಳಿ, ಕ್ಯಾರೆಟ್, ಬೀಟರೂಟ್ ಬಳಸಬಾರದು. ಅನ್ನದಿಂದ ಮಾಡಿದ ಪದಾರ್ಥಗಳನ್ನು ಸ್ವೀಕರಿಸಬಾರದು. ಅವರಕ್ಕಿ, ಸಜ್ಜಿಗೆ ಮಾಡಿದ ಪದಾರ್ಥ ಸ್ವೀಕರಿಸಬಹುದು.
ದಕ್ಷಿಣಭಾರತದ ತಿರುಪತಿ, ತಮಿಳುನಾಡಿನ ರಂಗನಾಥ ದೇವಾಲಯದಲ್ಲಿ ವೈಕುಂಠ ಏಕಾದಶಿ ದಿನದಿಂದ 21 ದಿನದ ವರೆಗೂ ವಿಶೇಷ ಪೂಜೆ ನಡೆಯುತ್ತದೆ. ತಾನೇ ದೇವಾಲಯಗಳಲ್ಲಿ ಶ್ರೀಕೃಷ್ಣನ ಆರಾಧನೆ ಮಾಡಲಾಗುತ್ತದೆ. ಈ ದಿನ 'ಗೀತಾ ಜಯಂತಿ' ಎಂದೂ ಆಚರಿಸಲಾಗುತ್ತದೆ. ಅಂದು ಗೀತಾ ಪಾರಾಯಣವನ್ನು ಮಾಡಲಾಗುತ್ತದೆ. ಇಂತಹ ಒಂದು ವಿಶಿಷ್ಟ ದಿನವನ್ನು ಆಚರಿಸೋಣ ವೈಕುಂಠದ ಬಾಗಿಲಿನ ಮೂಲಕ ವಿಷ್ಣುವಿನ ದರ್ಶನ ಪಡೆದು ಆತನ ಕೃಪೆಗೆ ಪಾತ್ರರಾಗೋಣ, ಆಯುರಾರೋಗ್ಯ ನೆಮ್ಮದಿಯ ಜೀವನವನ್ನು ಪಡೆಯೋಣ.
ಆಧಾರ : Sanatan.org ಸಂಗ್ರಹ
ಶ್ರೀ. ವಿನೋದಕಾಮತ್,
ರಾಜ್ಯವಕ್ತಾರರು, ಸನಾತನಸಂಸ್ಥೆ
(ಸಂಪರ್ಕ : 9342599299)
